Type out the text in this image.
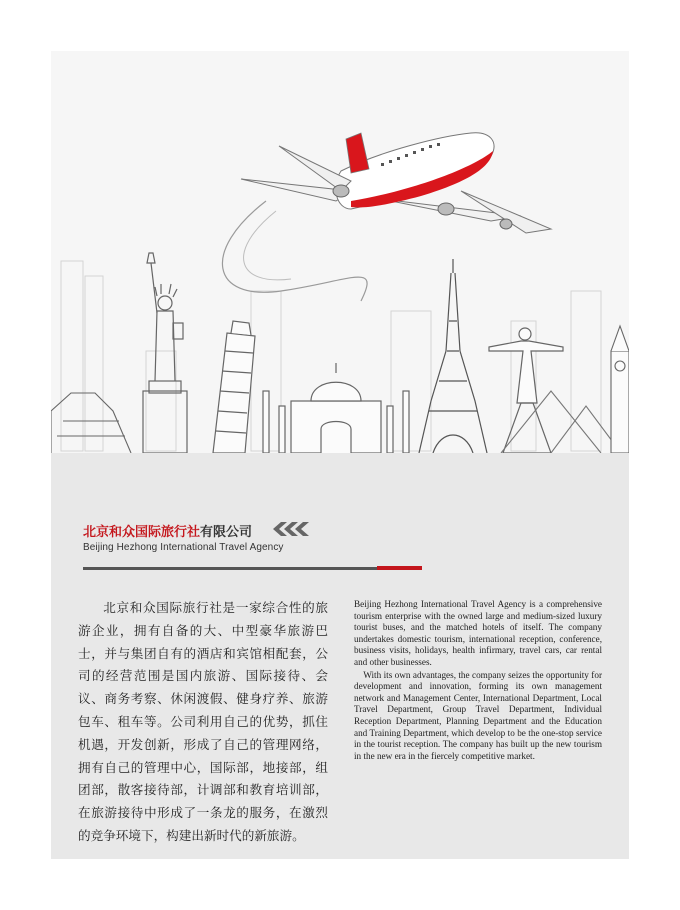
北京和众国际旅行社有限公司
Beijing Hezhong International Travel Agency

北京和众国际旅行社是一家综合性的旅游企业，拥有自备的大、中型豪华旅游巴士，并与集团自有的酒店和宾馆相配套，公司的经营范围是国内旅游、国际接待、会议、商务考察、休闲渡假、健身疗养、旅游包车、租车等。公司利用自己的优势，抓住机遇，开发创新，形成了自己的管理网络，拥有自己的管理中心，国际部，地接部，组团部，散客接待部，计调部和教育培训部，在旅游接待中形成了一条龙的服务，在激烈的竞争环境下，构建出新时代的新旅游。

Beijing Hezhong International Travel Agency is a comprehensive tourism enterprise with the owned large and medium-sized luxury tourist buses, and the matched hotels of itself. The company undertakes domestic tourism, international reception, conference, business visits, holidays, health infirmary, travel cars, car rental and other businesses.

With its own advantages, the company seizes the opportunity for development and innovation, forming its own management network and Management Center, International Department, Local Travel Department, Group Travel Department, Individual Reception Department, Planning Department and the Education and Training Department, which develop to be the one-stop service in the tourist reception. The company has built up the new tourism in the new era in the fiercely competitive market.
